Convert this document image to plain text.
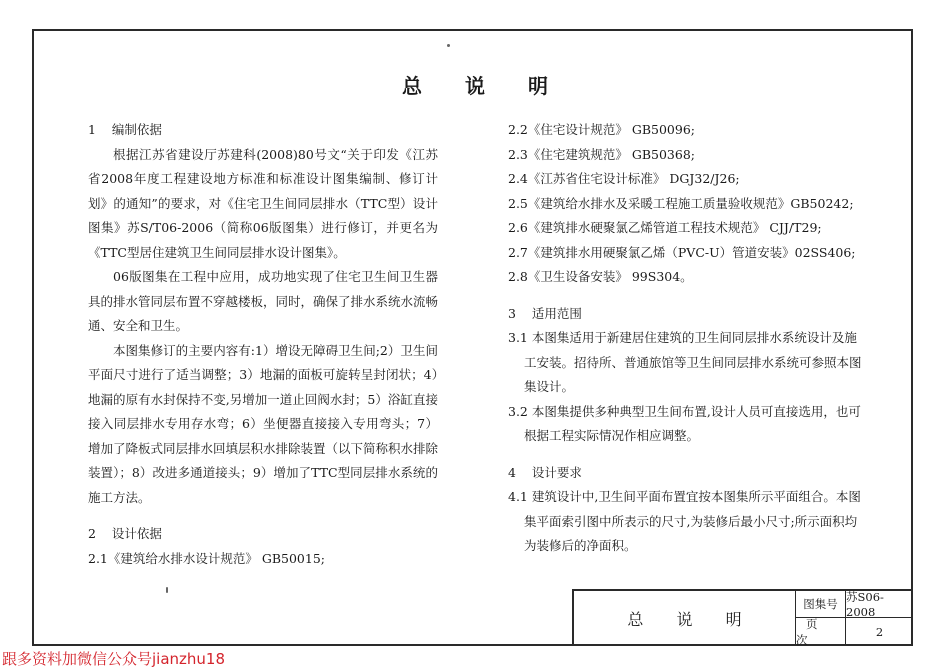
总 说 明

1    编制依据

根据江苏省建设厅苏建科(2008)80号文“关于印发《江苏省2008年度工程建设地方标准和标准设计图集编制、修订计划》的通知”的要求，对《住宅卫生间同层排水（TTC型）设计图集》苏S/T06-2006（简称06版图集）进行修订，并更名为《TTC型居住建筑卫生间同层排水设计图集》。

06版图集在工程中应用，成功地实现了住宅卫生间卫生器具的排水管同层布置不穿越楼板，同时，确保了排水系统水流畅通、安全和卫生。

本图集修订的主要内容有:1）增设无障碍卫生间;2）卫生间平面尺寸进行了适当调整；3）地漏的面板可旋转呈封闭状；4）地漏的原有水封保持不变,另增加一道止回阀水封；5）浴缸直接接入同层排水专用存水弯；6）坐便器直接接入专用弯头；7）增加了降板式同层排水回填层积水排除装置（以下简称积水排除装置）；8）改进多通道接头；9）增加了TTC型同层排水系统的施工方法。

2    设计依据

2.1《建筑给水排水设计规范》 GB50015;

2.2《住宅设计规范》 GB50096;

2.3《住宅建筑规范》 GB50368;

2.4《江苏省住宅设计标准》 DGJ32/J26;

2.5《建筑给水排水及采暖工程施工质量验收规范》GB50242;

2.6《建筑排水硬聚氯乙烯管道工程技术规范》 CJJ/T29;

2.7《建筑排水用硬聚氯乙烯（PVC-U）管道安装》02SS406;

2.8《卫生设备安装》 99S304。

3    适用范围

3.1 本图集适用于新建居住建筑的卫生间同层排水系统设计及施工安装。招待所、普通旅馆等卫生间同层排水系统可参照本图集设计。

3.2 本图集提供多种典型卫生间布置,设计人员可直接选用，也可根据工程实际情况作相应调整。

4    设计要求

4.1 建筑设计中,卫生间平面布置宜按本图集所示平面组合。本图集平面索引图中所表示的尺寸,为装修后最小尺寸;所示面积均为装修后的净面积。

总 说 明
图集号 苏S06-2008
页次
2
跟多资料加微信公众号jianzhu18
